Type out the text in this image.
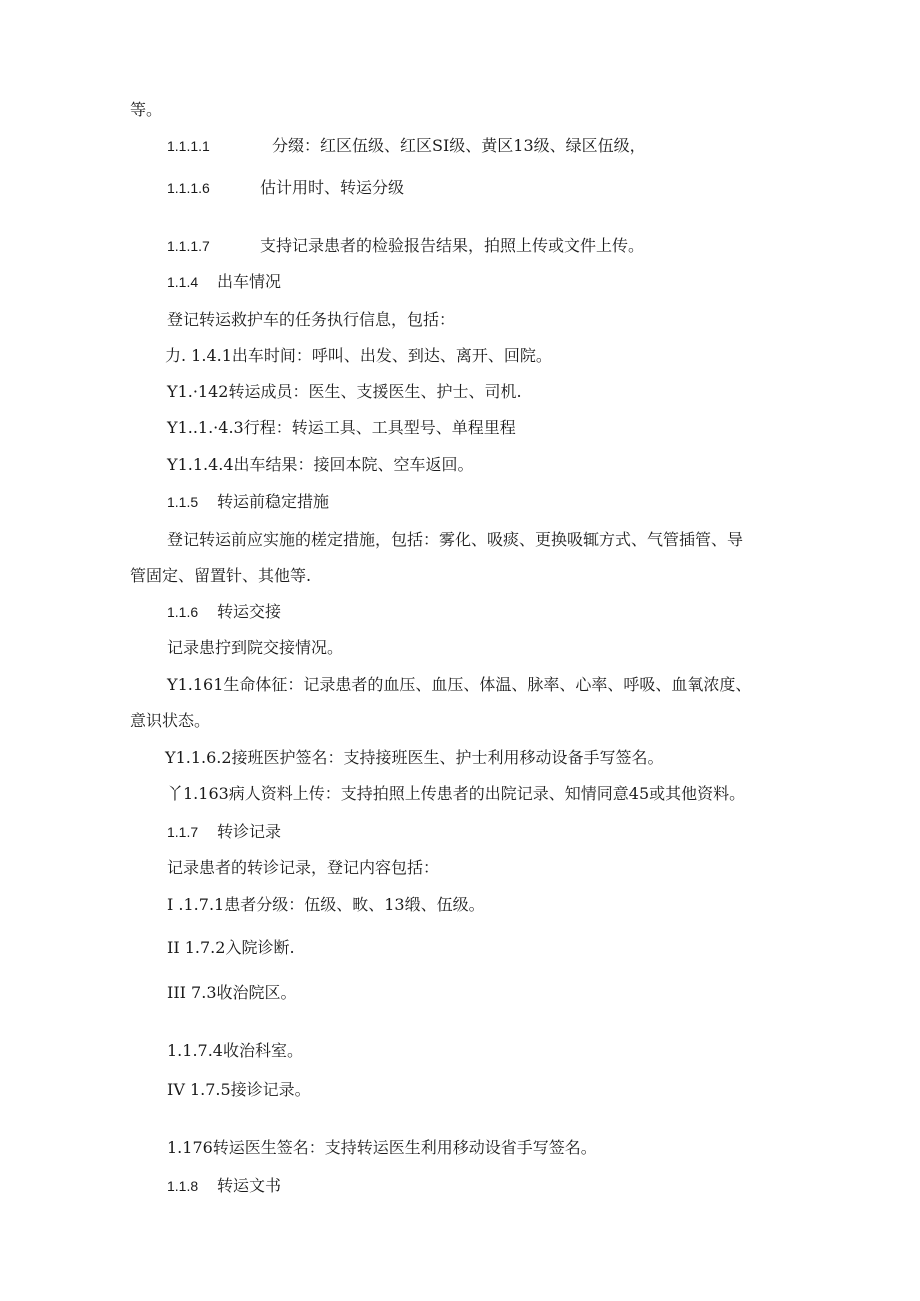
等。
1.1.1.1	分缀：红区伍级、红区SI级、黄区13级、绿区伍级，
1.1.1.6	估计用时、转运分级
1.1.1.7	支持记录患者的检验报告结果，拍照上传或文件上传。
1.1.4 出车情况
登记转运救护车的任务执行信息，包括：
力. 1.4.1出车时间：呼叫、出发、到达、离开、回院。
Y1.·142转运成员：医生、支援医生、护士、司机.
Y1..1.·4.3行程：转运工具、工具型号、单程里程
Y1.1.4.4出车结果：接回本院、空车返回。
1.1.5 转运前稳定措施
登记转运前应实施的槎定措施，包括：雾化、吸痰、更换吸辄方式、气管插管、导
管固定、留置针、其他等.
1.1.6 转运交接
记录患拧到院交接情况。
Y1.161生命体征：记录患者的血压、血压、体温、脉率、心率、呼吸、血氧浓度、
意识状态。
Y1.1.6.2接班医护签名：支持接班医生、护士利用移动设备手写签名。
丫1.163病人资料上传：支持拍照上传患者的出院记录、知情同意45或其他资料。
1.1.7 转诊记录
记录患者的转诊记录，登记内容包括：
I .1.7.1患者分级：伍级、畋、13缎、伍级。
II 1.7.2入院诊断.
III 7.3收治院区。
1.1.7.4收治科室。
IV 1.7.5接诊记录。
1.176转运医生签名：支持转运医生利用移动设省手写签名。
1.1.8 转运文书
